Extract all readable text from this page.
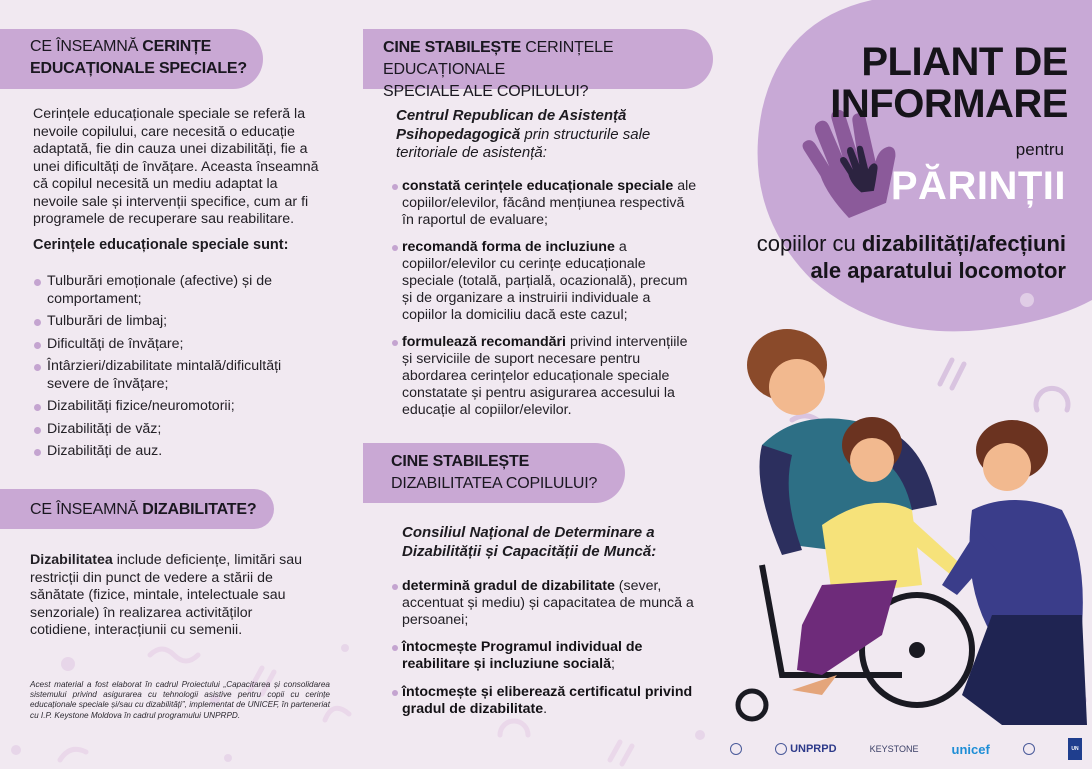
CE ÎNSEAMNĂ CERINȚE
EDUCAȚIONALE SPECIALE?
Cerințele educaționale speciale se referă la
nevoile copilului, care necesită o educație
adaptată, fie din cauza unei dizabilități, fie a
unei dificultăți de învățare. Aceasta înseamnă
că copilul necesită un mediu adaptat la
nevoile sale și intervenții specifice, cum ar fi
programele de recuperare sau reabilitare.
Cerințele educaționale speciale sunt:
Tulburări emoționale (afective) și de comportament;
Tulburări de limbaj;
Dificultăți de învățare;
Întârzieri/dizabilitate mintală/dificultăți severe de învățare;
Dizabilități fizice/neuromotorii;
Dizabilități de văz;
Dizabilități de auz.
CE ÎNSEAMNĂ DIZABILITATE?
Dizabilitatea include deficiențe, limitări sau restricții din punct de vedere a stării de sănătate (fizice, mintale, intelectuale sau senzoriale) în realizarea activităților cotidiene, interacțiunii cu semenii.
Acest material a fost elaborat în cadrul Proiectului „Capacitarea și consolidarea sistemului privind asigurarea cu tehnologii asistive pentru copii cu cerințe educaționale speciale și/sau cu dizabilități”, implementat de UNICEF, în parteneriat cu I.P. Keystone Moldova în cadrul programului UNPRPD.
CINE STABILEȘTE CERINȚELE EDUCAȚIONALE
SPECIALE ALE COPILULUI?
Centrul Republican de Asistență Psihopedagogică prin structurile sale teritoriale de asistență:
constată cerințele educaționale speciale ale copiilor/elevilor, făcând mențiunea respectivă în raportul de evaluare;
recomandă forma de incluziune a copiilor/elevilor cu cerințe educaționale speciale (totală, parțială, ocazională), precum și de organizare a instruirii individuale a copiilor la domiciliu dacă este cazul;
formulează recomandări privind intervențiile și serviciile de suport necesare pentru abordarea cerințelor educaționale speciale constatate și pentru asigurarea accesului la educație al copiilor/elevilor.
CINE STABILEȘTE
DIZABILITATEA COPILULUI?
Consiliul Național de Determinare a Dizabilității și Capacității de Muncă:
determină gradul de dizabilitate (sever, accentuat și mediu) și capacitatea de muncă a persoanei;
întocmește Programul individual de reabilitare și incluziune socială;
întocmește și eliberează certificatul privind gradul de dizabilitate.
PLIANT DE
INFORMARE
pentru
PĂRINȚII
copiilor cu dizabilități/afecțiuni
ale aparatului locomotor
UNPRPD	KEYSTONE	unicef	UN
